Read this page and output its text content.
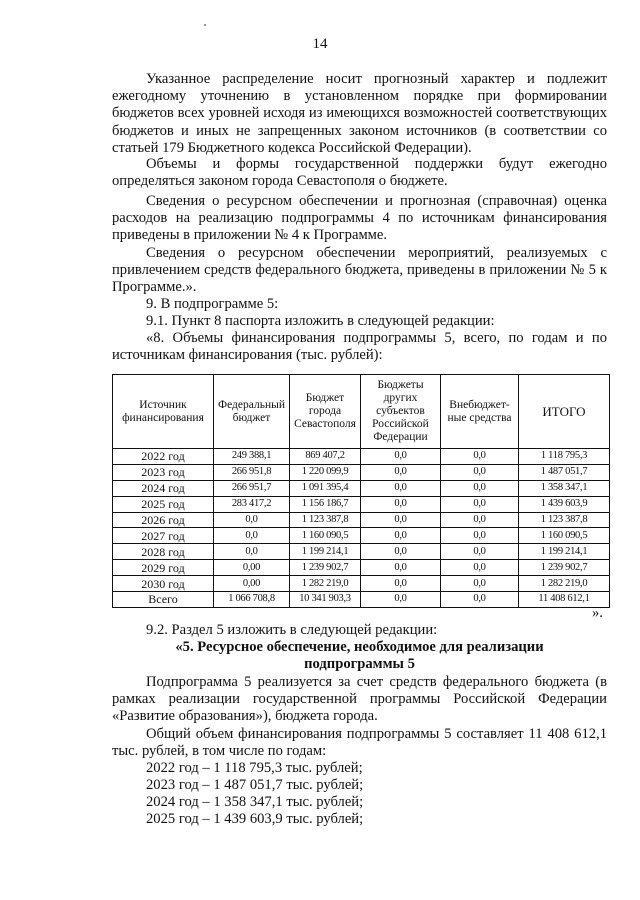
14

Указанное распределение носит прогнозный характер и подлежит ежегодному уточнению в установленном порядке при формировании бюджетов всех уровней исходя из имеющихся возможностей соответствующих бюджетов и иных не запрещенных законом источников (в соответствии со статьей 179 Бюджетного кодекса Российской Федерации).

Объемы и формы государственной поддержки будут ежегодно определяться законом города Севастополя о бюджете.

Сведения о ресурсном обеспечении и прогнозная (справочная) оценка расходов на реализацию подпрограммы 4 по источникам финансирования приведены в приложении № 4 к Программе.

Сведения о ресурсном обеспечении мероприятий, реализуемых с привлечением средств федерального бюджета, приведены в приложении № 5 к Программе.».

9. В подпрограмме 5:
9.1. Пункт 8 паспорта изложить в следующей редакции:

«8. Объемы финансирования подпрограммы 5, всего, по годам и по источникам финансирования (тыс. рублей):

Источник финансирования	Федеральный бюджет	Бюджет города Севастополя	Бюджеты других субъектов Российской Федерации	Внебюджет-ные средства	ИТОГО
2022 год	249 388,1	869 407,2	0,0	0,0	1 118 795,3
2023 год	266 951,8	1 220 099,9	0,0	0,0	1 487 051,7
2024 год	266 951,7	1 091 395,4	0,0	0,0	1 358 347,1
2025 год	283 417,2	1 156 186,7	0,0	0,0	1 439 603,9
2026 год	0,0	1 123 387,8	0,0	0,0	1 123 387,8
2027 год	0,0	1 160 090,5	0,0	0,0	1 160 090,5
2028 год	0,0	1 199 214,1	0,0	0,0	1 199 214,1
2029 год	0,00	1 239 902,7	0,0	0,0	1 239 902,7
2030 год	0,00	1 282 219,0	0,0	0,0	1 282 219,0
Всего	1 066 708,8	10 341 903,3	0,0	0,0	11 408 612,1
».
9.2. Раздел 5 изложить в следующей редакции:
«5. Ресурсное обеспечение, необходимое для реализации
подпрограммы 5

Подпрограмма 5 реализуется за счет средств федерального бюджета (в рамках реализации государственной программы Российской Федерации «Развитие образования»), бюджета города.

Общий объем финансирования подпрограммы 5 составляет 11 408 612,1 тыс. рублей, в том числе по годам:

2022 год – 1 118 795,3 тыс. рублей;
2023 год – 1 487 051,7 тыс. рублей;
2024 год – 1 358 347,1 тыс. рублей;
2025 год – 1 439 603,9 тыс. рублей;
